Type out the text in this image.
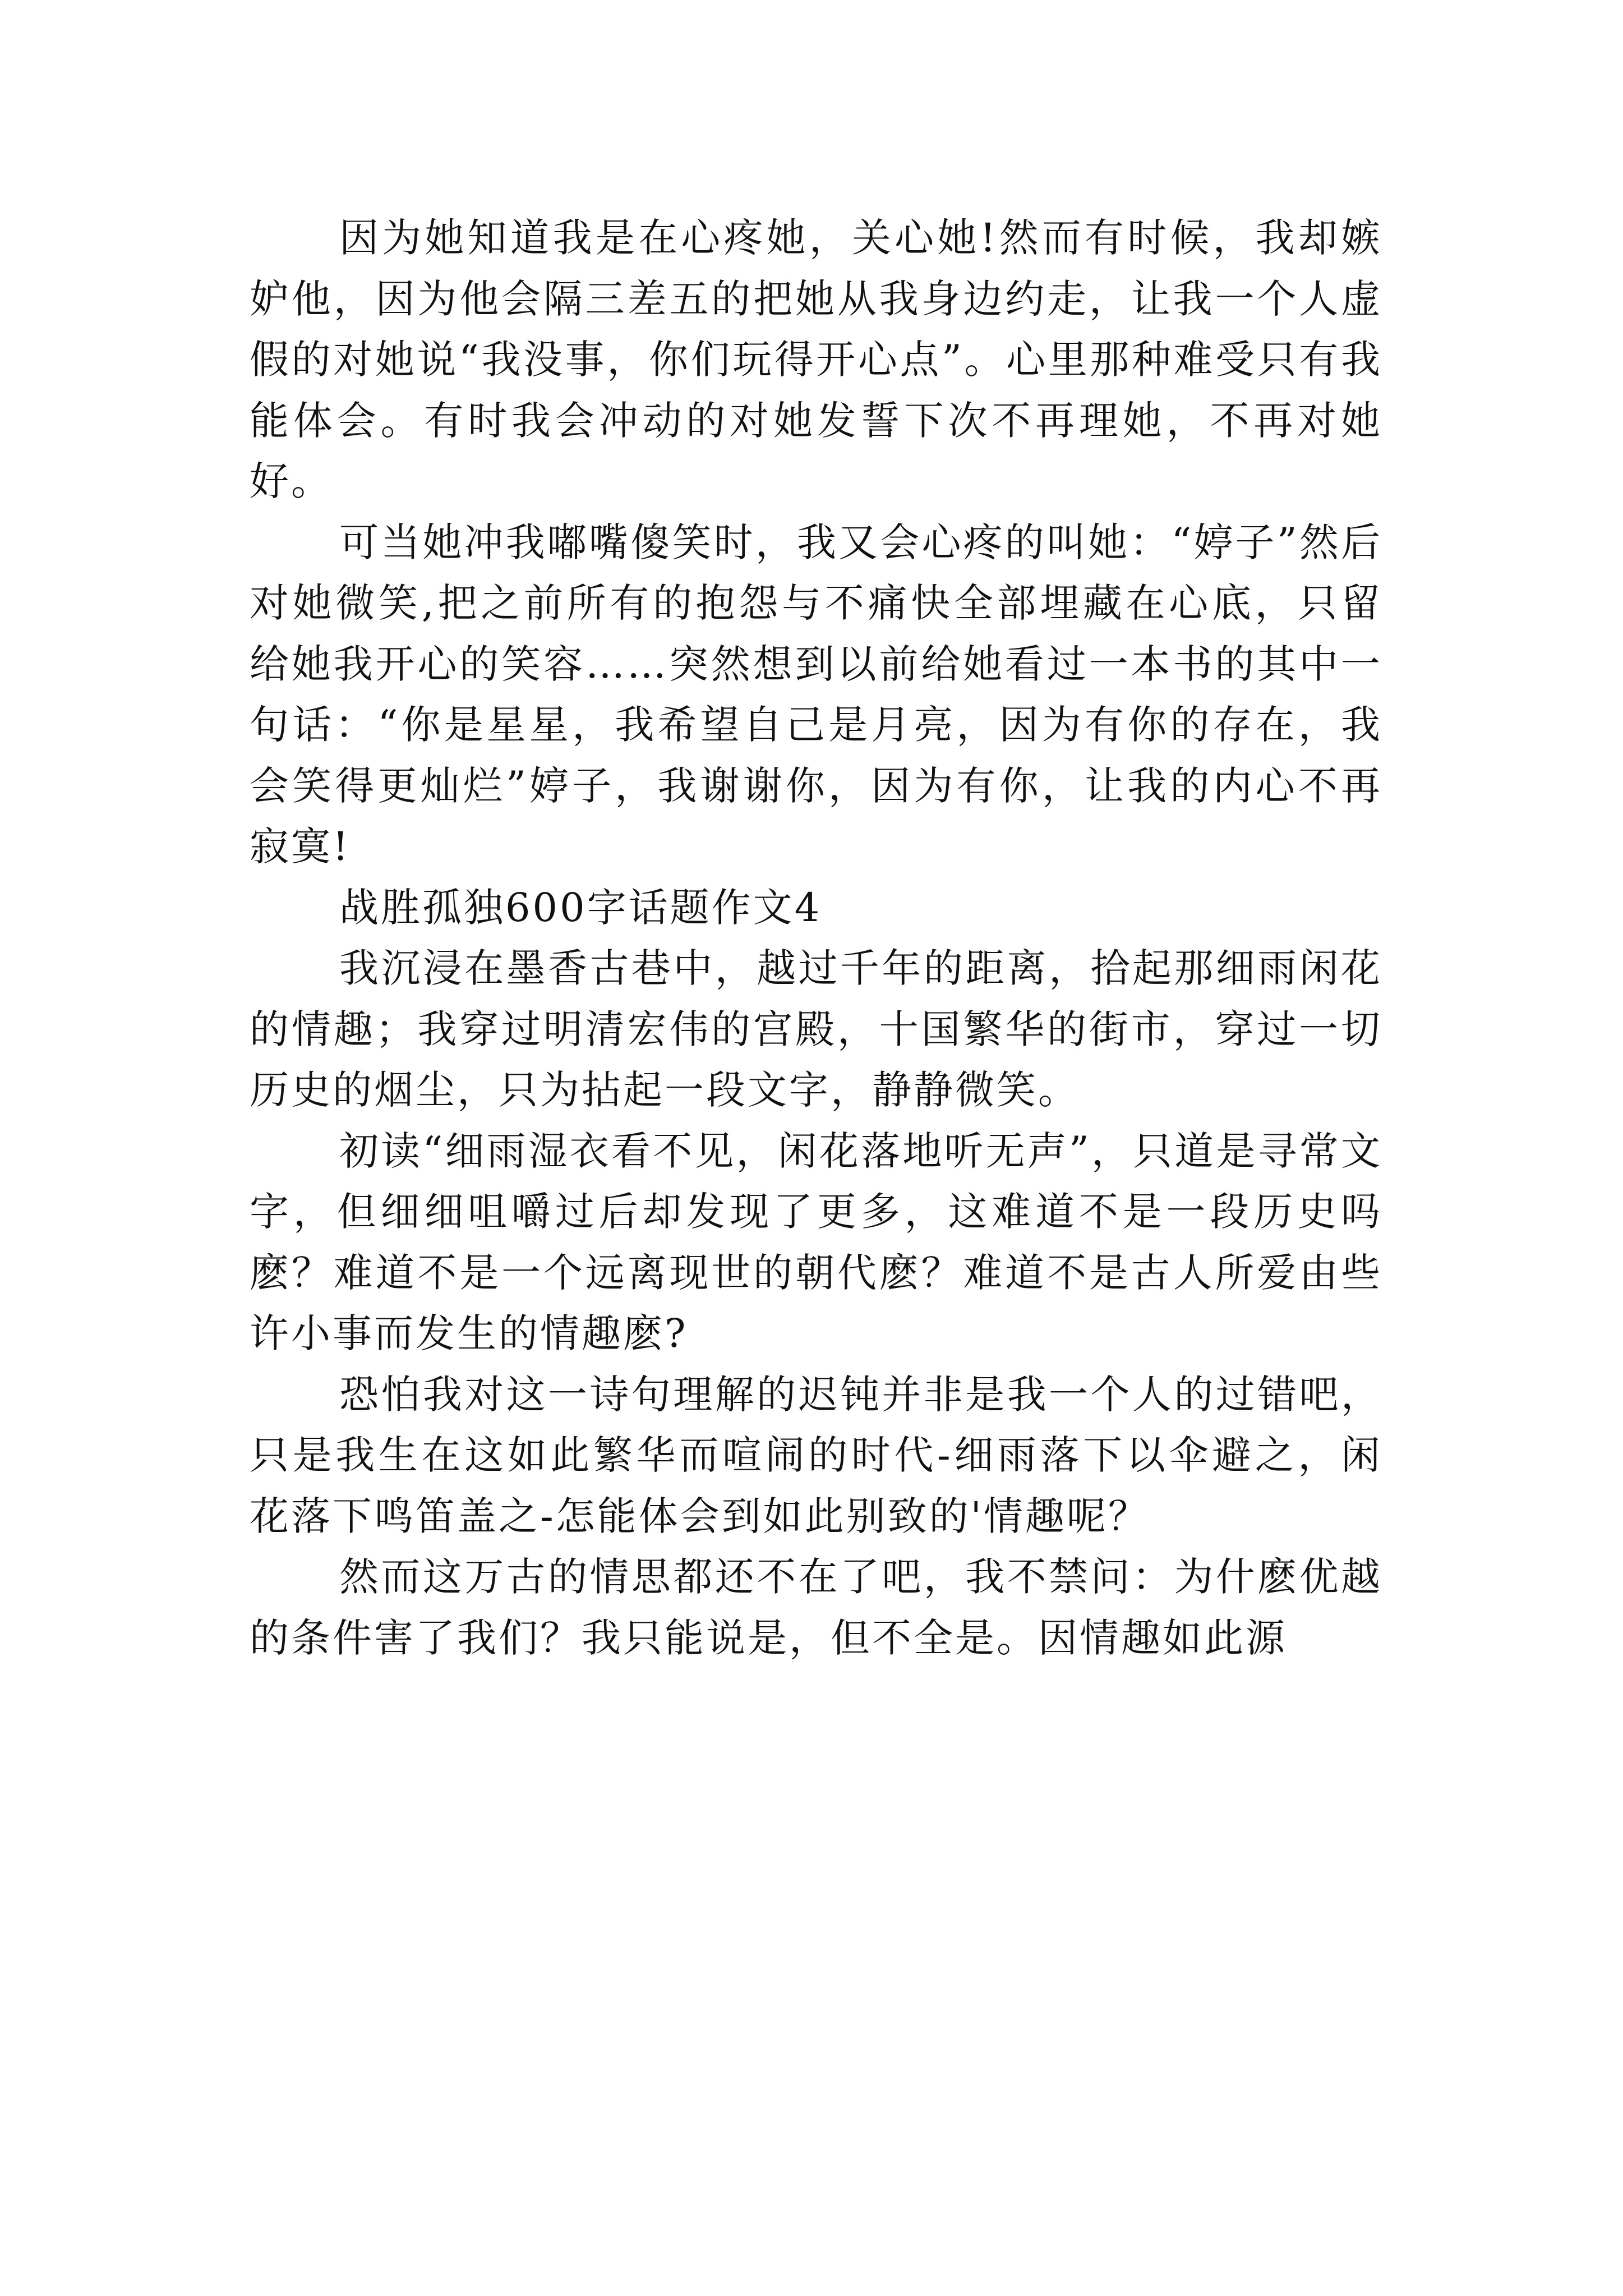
因为她知道我是在心疼她，关心她!然而有时候，我却嫉妒他，因为他会隔三差五的把她从我身边约走，让我一个人虚假的对她说“我没事，你们玩得开心点”。心里那种难受只有我能体会。有时我会冲动的对她发誓下次不再理她，不再对她好。

可当她冲我嘟嘴傻笑时，我又会心疼的叫她：“婷子”然后对她微笑,把之前所有的抱怨与不痛快全部埋藏在心底，只留给她我开心的笑容……突然想到以前给她看过一本书的其中一句话：“你是星星，我希望自己是月亮，因为有你的存在，我会笑得更灿烂”婷子，我谢谢你，因为有你，让我的内心不再寂寞!

战胜孤独600字话题作文4

我沉浸在墨香古巷中，越过千年的距离，拾起那细雨闲花的情趣；我穿过明清宏伟的宫殿，十国繁华的街市，穿过一切历史的烟尘，只为拈起一段文字，静静微笑。

初读“细雨湿衣看不见，闲花落地听无声”，只道是寻常文字，但细细咀嚼过后却发现了更多，这难道不是一段历史吗麽？难道不是一个远离现世的朝代麽？难道不是古人所爱由些许小事而发生的情趣麽?

恐怕我对这一诗句理解的迟钝并非是我一个人的过错吧，只是我生在这如此繁华而喧闹的时代-细雨落下以伞避之，闲花落下鸣笛盖之-怎能体会到如此别致的'情趣呢？

然而这万古的情思都还不在了吧，我不禁问：为什麽优越的条件害了我们？我只能说是，但不全是。因情趣如此源
